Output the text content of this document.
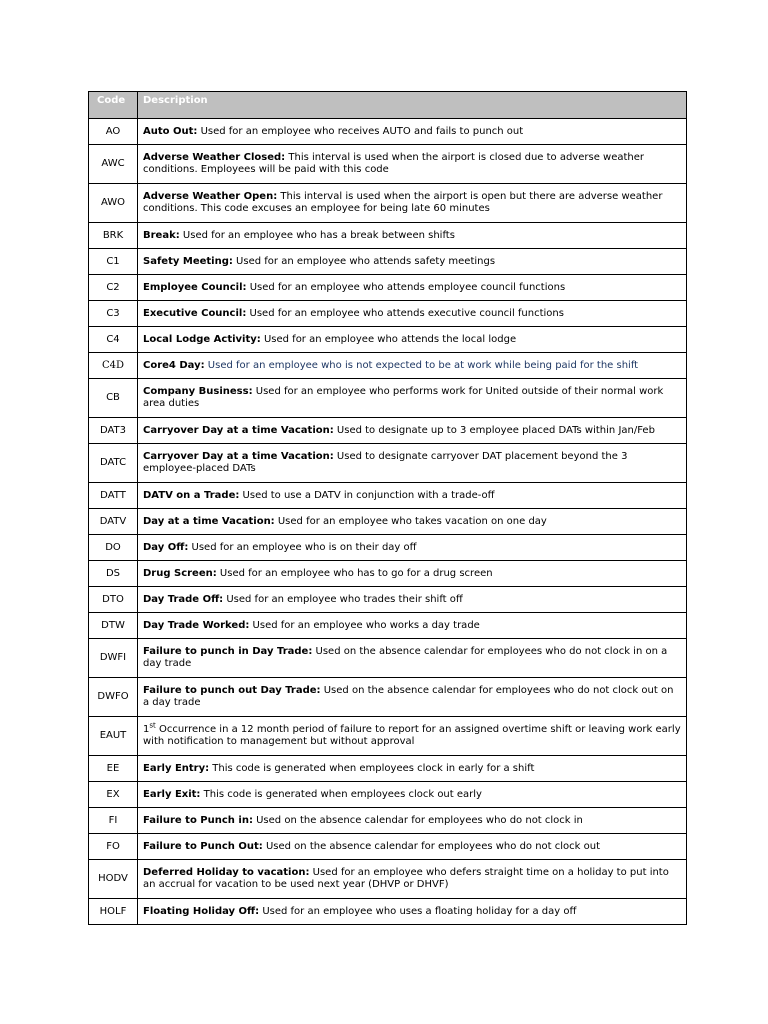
Code	Description
AO	Auto Out: Used for an employee who receives AUTO and fails to punch out
AWC	Adverse Weather Closed: This interval is used when the airport is closed due to adverse weather conditions. Employees will be paid with this code
AWO	Adverse Weather Open: This interval is used when the airport is open but there are adverse weather conditions. This code excuses an employee for being late 60 minutes
BRK	Break: Used for an employee who has a break between shifts
C1	Safety Meeting: Used for an employee who attends safety meetings
C2	Employee Council: Used for an employee who attends employee council functions
C3	Executive Council: Used for an employee who attends executive council functions
C4	Local Lodge Activity: Used for an employee who attends the local lodge
C4D	Core4 Day: Used for an employee who is not expected to be at work while being paid for the shift
CB	Company Business: Used for an employee who performs work for United outside of their normal work area duties
DAT3	Carryover Day at a time Vacation: Used to designate up to 3 employee placed DATs within Jan/Feb
DATC	Carryover Day at a time Vacation: Used to designate carryover DAT placement beyond the 3 employee-placed DATs
DATT	DATV on a Trade: Used to use a DATV in conjunction with a trade-off
DATV	Day at a time Vacation: Used for an employee who takes vacation on one day
DO	Day Off: Used for an employee who is on their day off
DS	Drug Screen: Used for an employee who has to go for a drug screen
DTO	Day Trade Off: Used for an employee who trades their shift off
DTW	Day Trade Worked: Used for an employee who works a day trade
DWFI	Failure to punch in Day Trade: Used on the absence calendar for employees who do not clock in on a day trade
DWFO	Failure to punch out Day Trade: Used on the absence calendar for employees who do not clock out on a day trade
EAUT	1st Occurrence in a 12 month period of failure to report for an assigned overtime shift or leaving work early with notification to management but without approval
EE	Early Entry: This code is generated when employees clock in early for a shift
EX	Early Exit: This code is generated when employees clock out early
FI	Failure to Punch in: Used on the absence calendar for employees who do not clock in
FO	Failure to Punch Out: Used on the absence calendar for employees who do not clock out
HODV	Deferred Holiday to vacation: Used for an employee who defers straight time on a holiday to put into an accrual for vacation to be used next year (DHVP or DHVF)
HOLF	Floating Holiday Off: Used for an employee who uses a floating holiday for a day off
